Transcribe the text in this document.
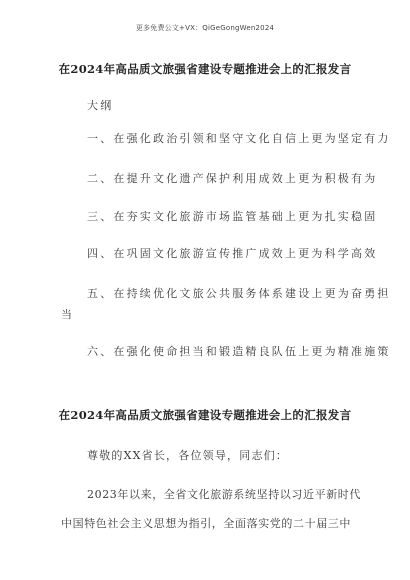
更多免费公文+VX：QiGeGongWen2024
在2024年高品质文旅强省建设专题推进会上的汇报发言
大纲
一、在强化政治引领和坚守文化自信上更为坚定有力
二、在提升文化遗产保护利用成效上更为积极有为
三、在夯实文化旅游市场监管基础上更为扎实稳固
四、在巩固文化旅游宣传推广成效上更为科学高效
五、在持续优化文旅公共服务体系建设上更为奋勇担
当
六、在强化使命担当和锻造精良队伍上更为精准施策
在2024年高品质文旅强省建设专题推进会上的汇报发言
尊敬的XX省长，各位领导，同志们：
2023年以来，全省文化旅游系统坚持以习近平新时代
中国特色社会主义思想为指引，全面落实党的二十届三中
